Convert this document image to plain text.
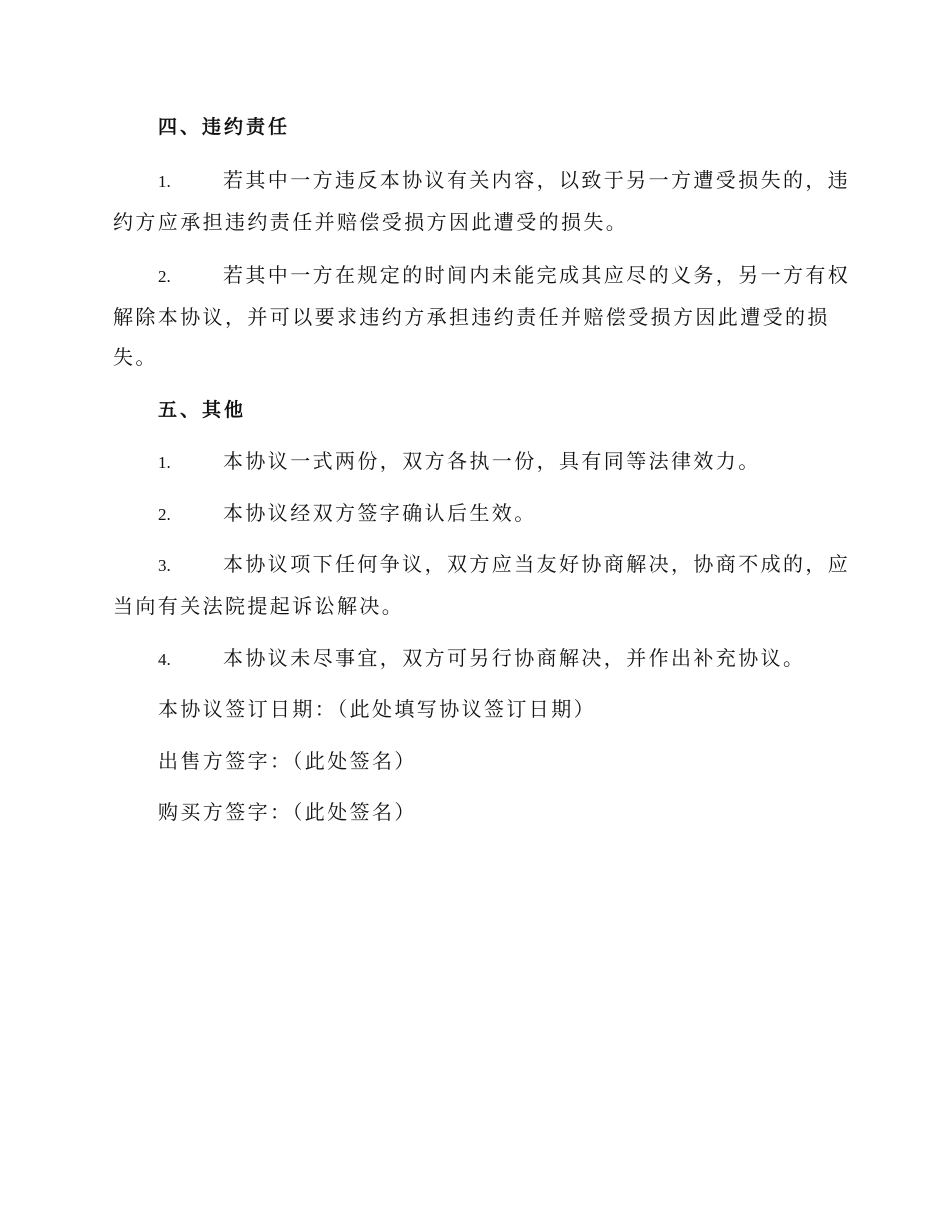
四、违约责任
1.	若其中一方违反本协议有关内容，以致于另一方遭受损失的，违
约方应承担违约责任并赔偿受损方因此遭受的损失。
2.	若其中一方在规定的时间内未能完成其应尽的义务，另一方有权
解除本协议，并可以要求违约方承担违约责任并赔偿受损方因此遭受的损
失。
五、其他
1.	本协议一式两份，双方各执一份，具有同等法律效力。
2.	本协议经双方签字确认后生效。
3.	本协议项下任何争议，双方应当友好协商解决，协商不成的，应
当向有关法院提起诉讼解决。
4.	本协议未尽事宜，双方可另行协商解决，并作出补充协议。
本协议签订日期：（此处填写协议签订日期）
出售方签字：（此处签名）
购买方签字：（此处签名）
